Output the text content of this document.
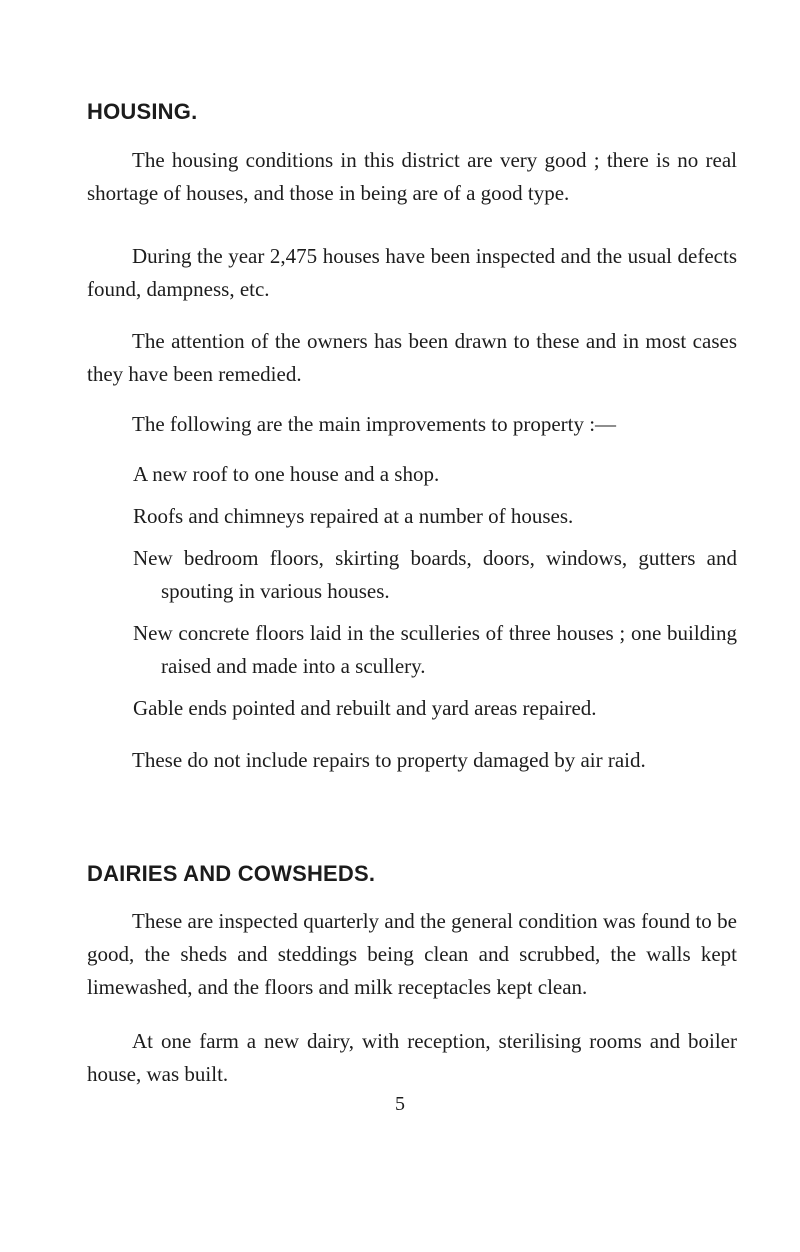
HOUSING.

The housing conditions in this district are very good ; there is no real shortage of houses, and those in being are of a good type.

During the year 2,475 houses have been inspected and the usual defects found, dampness, etc.

The attention of the owners has been drawn to these and in most cases they have been remedied.

The following are the main improvements to property :—

A new roof to one house and a shop.
Roofs and chimneys repaired at a number of houses.
New bedroom floors, skirting boards, doors, windows, gutters and spouting in various houses.
New concrete floors laid in the sculleries of three houses ; one building raised and made into a scullery.
Gable ends pointed and rebuilt and yard areas repaired.

These do not include repairs to property damaged by air raid.

DAIRIES AND COWSHEDS.

These are inspected quarterly and the general condition was found to be good, the sheds and steddings being clean and scrubbed, the walls kept limewashed, and the floors and milk receptacles kept clean.

At one farm a new dairy, with reception, sterilising rooms and boiler house, was built.

5
